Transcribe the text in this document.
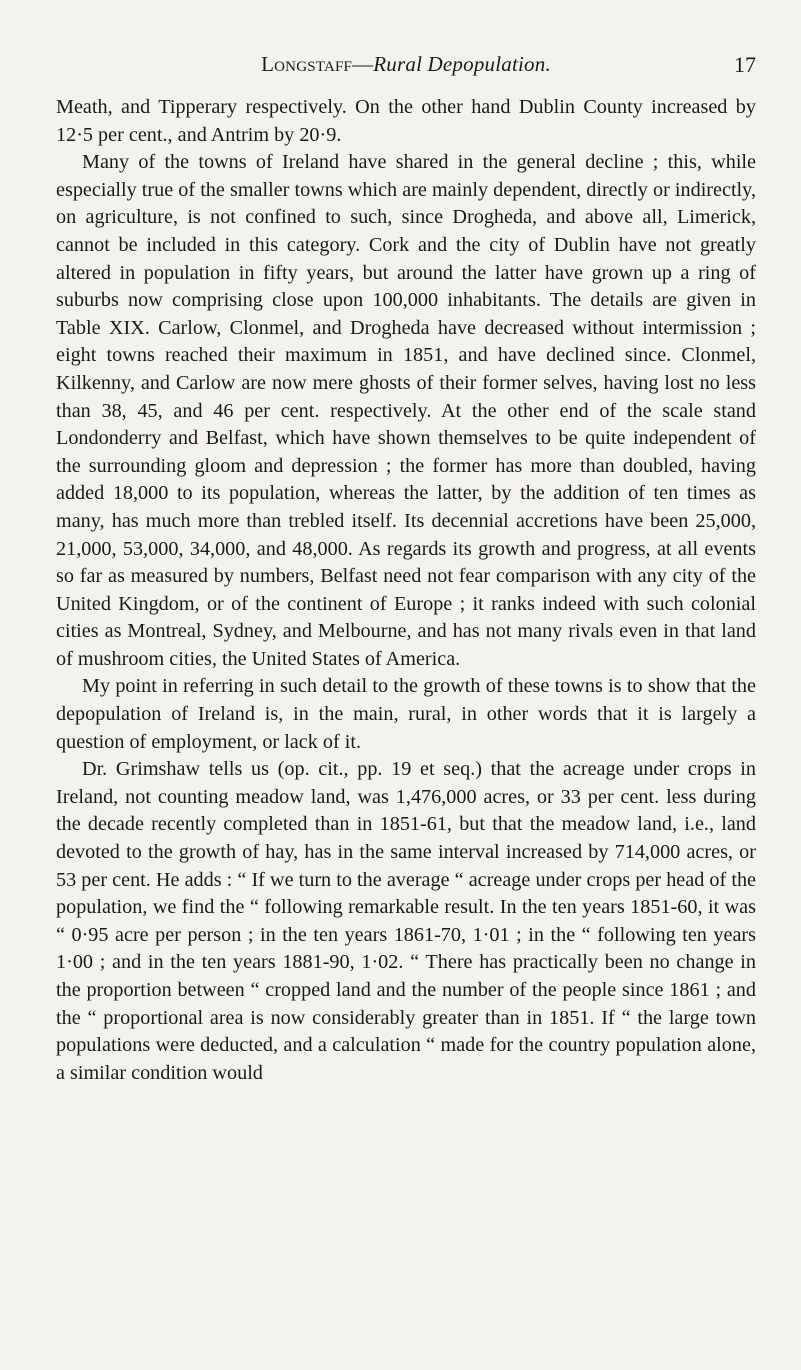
Longstaff—Rural Depopulation.	17

Meath, and Tipperary respectively. On the other hand Dublin County increased by 12·5 per cent., and Antrim by 20·9.

Many of the towns of Ireland have shared in the general decline ; this, while especially true of the smaller towns which are mainly dependent, directly or indirectly, on agriculture, is not confined to such, since Drogheda, and above all, Limerick, cannot be included in this category. Cork and the city of Dublin have not greatly altered in population in fifty years, but around the latter have grown up a ring of suburbs now comprising close upon 100,000 inhabitants. The details are given in Table XIX. Carlow, Clonmel, and Drogheda have decreased without intermission ; eight towns reached their maximum in 1851, and have declined since. Clonmel, Kilkenny, and Carlow are now mere ghosts of their former selves, having lost no less than 38, 45, and 46 per cent. respectively. At the other end of the scale stand Londonderry and Belfast, which have shown themselves to be quite independent of the surrounding gloom and depression ; the former has more than doubled, having added 18,000 to its population, whereas the latter, by the addition of ten times as many, has much more than trebled itself. Its decennial accretions have been 25,000, 21,000, 53,000, 34,000, and 48,000. As regards its growth and progress, at all events so far as measured by numbers, Belfast need not fear comparison with any city of the United Kingdom, or of the continent of Europe ; it ranks indeed with such colonial cities as Montreal, Sydney, and Melbourne, and has not many rivals even in that land of mushroom cities, the United States of America.

My point in referring in such detail to the growth of these towns is to show that the depopulation of Ireland is, in the main, rural, in other words that it is largely a question of employment, or lack of it.

Dr. Grimshaw tells us (op. cit., pp. 19 et seq.) that the acreage under crops in Ireland, not counting meadow land, was 1,476,000 acres, or 33 per cent. less during the decade recently completed than in 1851-61, but that the meadow land, i.e., land devoted to the growth of hay, has in the same interval increased by 714,000 acres, or 53 per cent. He adds : “ If we turn to the average “ acreage under crops per head of the population, we find the “ following remarkable result. In the ten years 1851-60, it was “ 0·95 acre per person ; in the ten years 1861-70, 1·01 ; in the “ following ten years 1·00 ; and in the ten years 1881-90, 1·02. “ There has practically been no change in the proportion between “ cropped land and the number of the people since 1861 ; and the “ proportional area is now considerably greater than in 1851. If “ the large town populations were deducted, and a calculation “ made for the country population alone, a similar condition would
